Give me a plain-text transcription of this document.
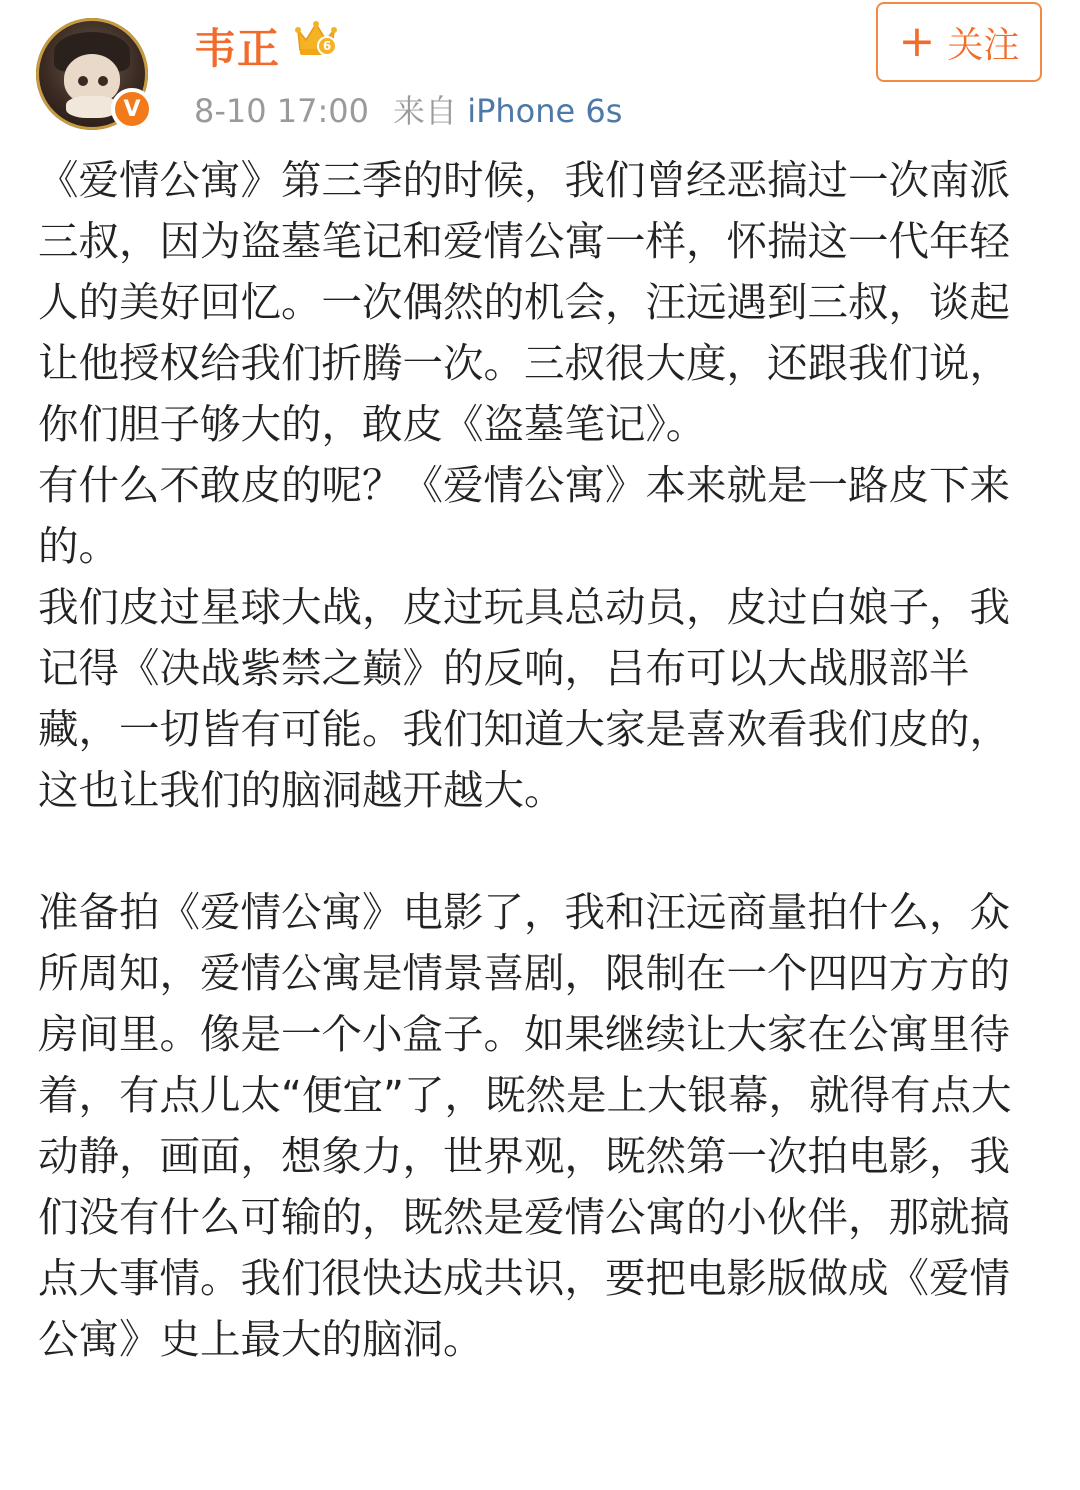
V
韦正	6
8-10 17:00 来自 iPhone 6s
+ 关注

《爱情公寓》第三季的时候，我们曾经恶搞过一次南派三叔，因为盗墓笔记和爱情公寓一样，怀揣这一代年轻人的美好回忆。一次偶然的机会，汪远遇到三叔，谈起让他授权给我们折腾一次。三叔很大度，还跟我们说，你们胆子够大的，敢皮《盗墓笔记》。

有什么不敢皮的呢？《爱情公寓》本来就是一路皮下来的。

我们皮过星球大战，皮过玩具总动员，皮过白娘子，我记得《决战紫禁之巅》的反响，吕布可以大战服部半藏，一切皆有可能。我们知道大家是喜欢看我们皮的，这也让我们的脑洞越开越大。

准备拍《爱情公寓》电影了，我和汪远商量拍什么，众所周知，爱情公寓是情景喜剧，限制在一个四四方方的房间里。像是一个小盒子。如果继续让大家在公寓里待着，有点儿太“便宜”了，既然是上大银幕，就得有点大动静，画面，想象力，世界观，既然第一次拍电影，我们没有什么可输的，既然是爱情公寓的小伙伴，那就搞点大事情。我们很快达成共识，要把电影版做成《爱情公寓》史上最大的脑洞。
